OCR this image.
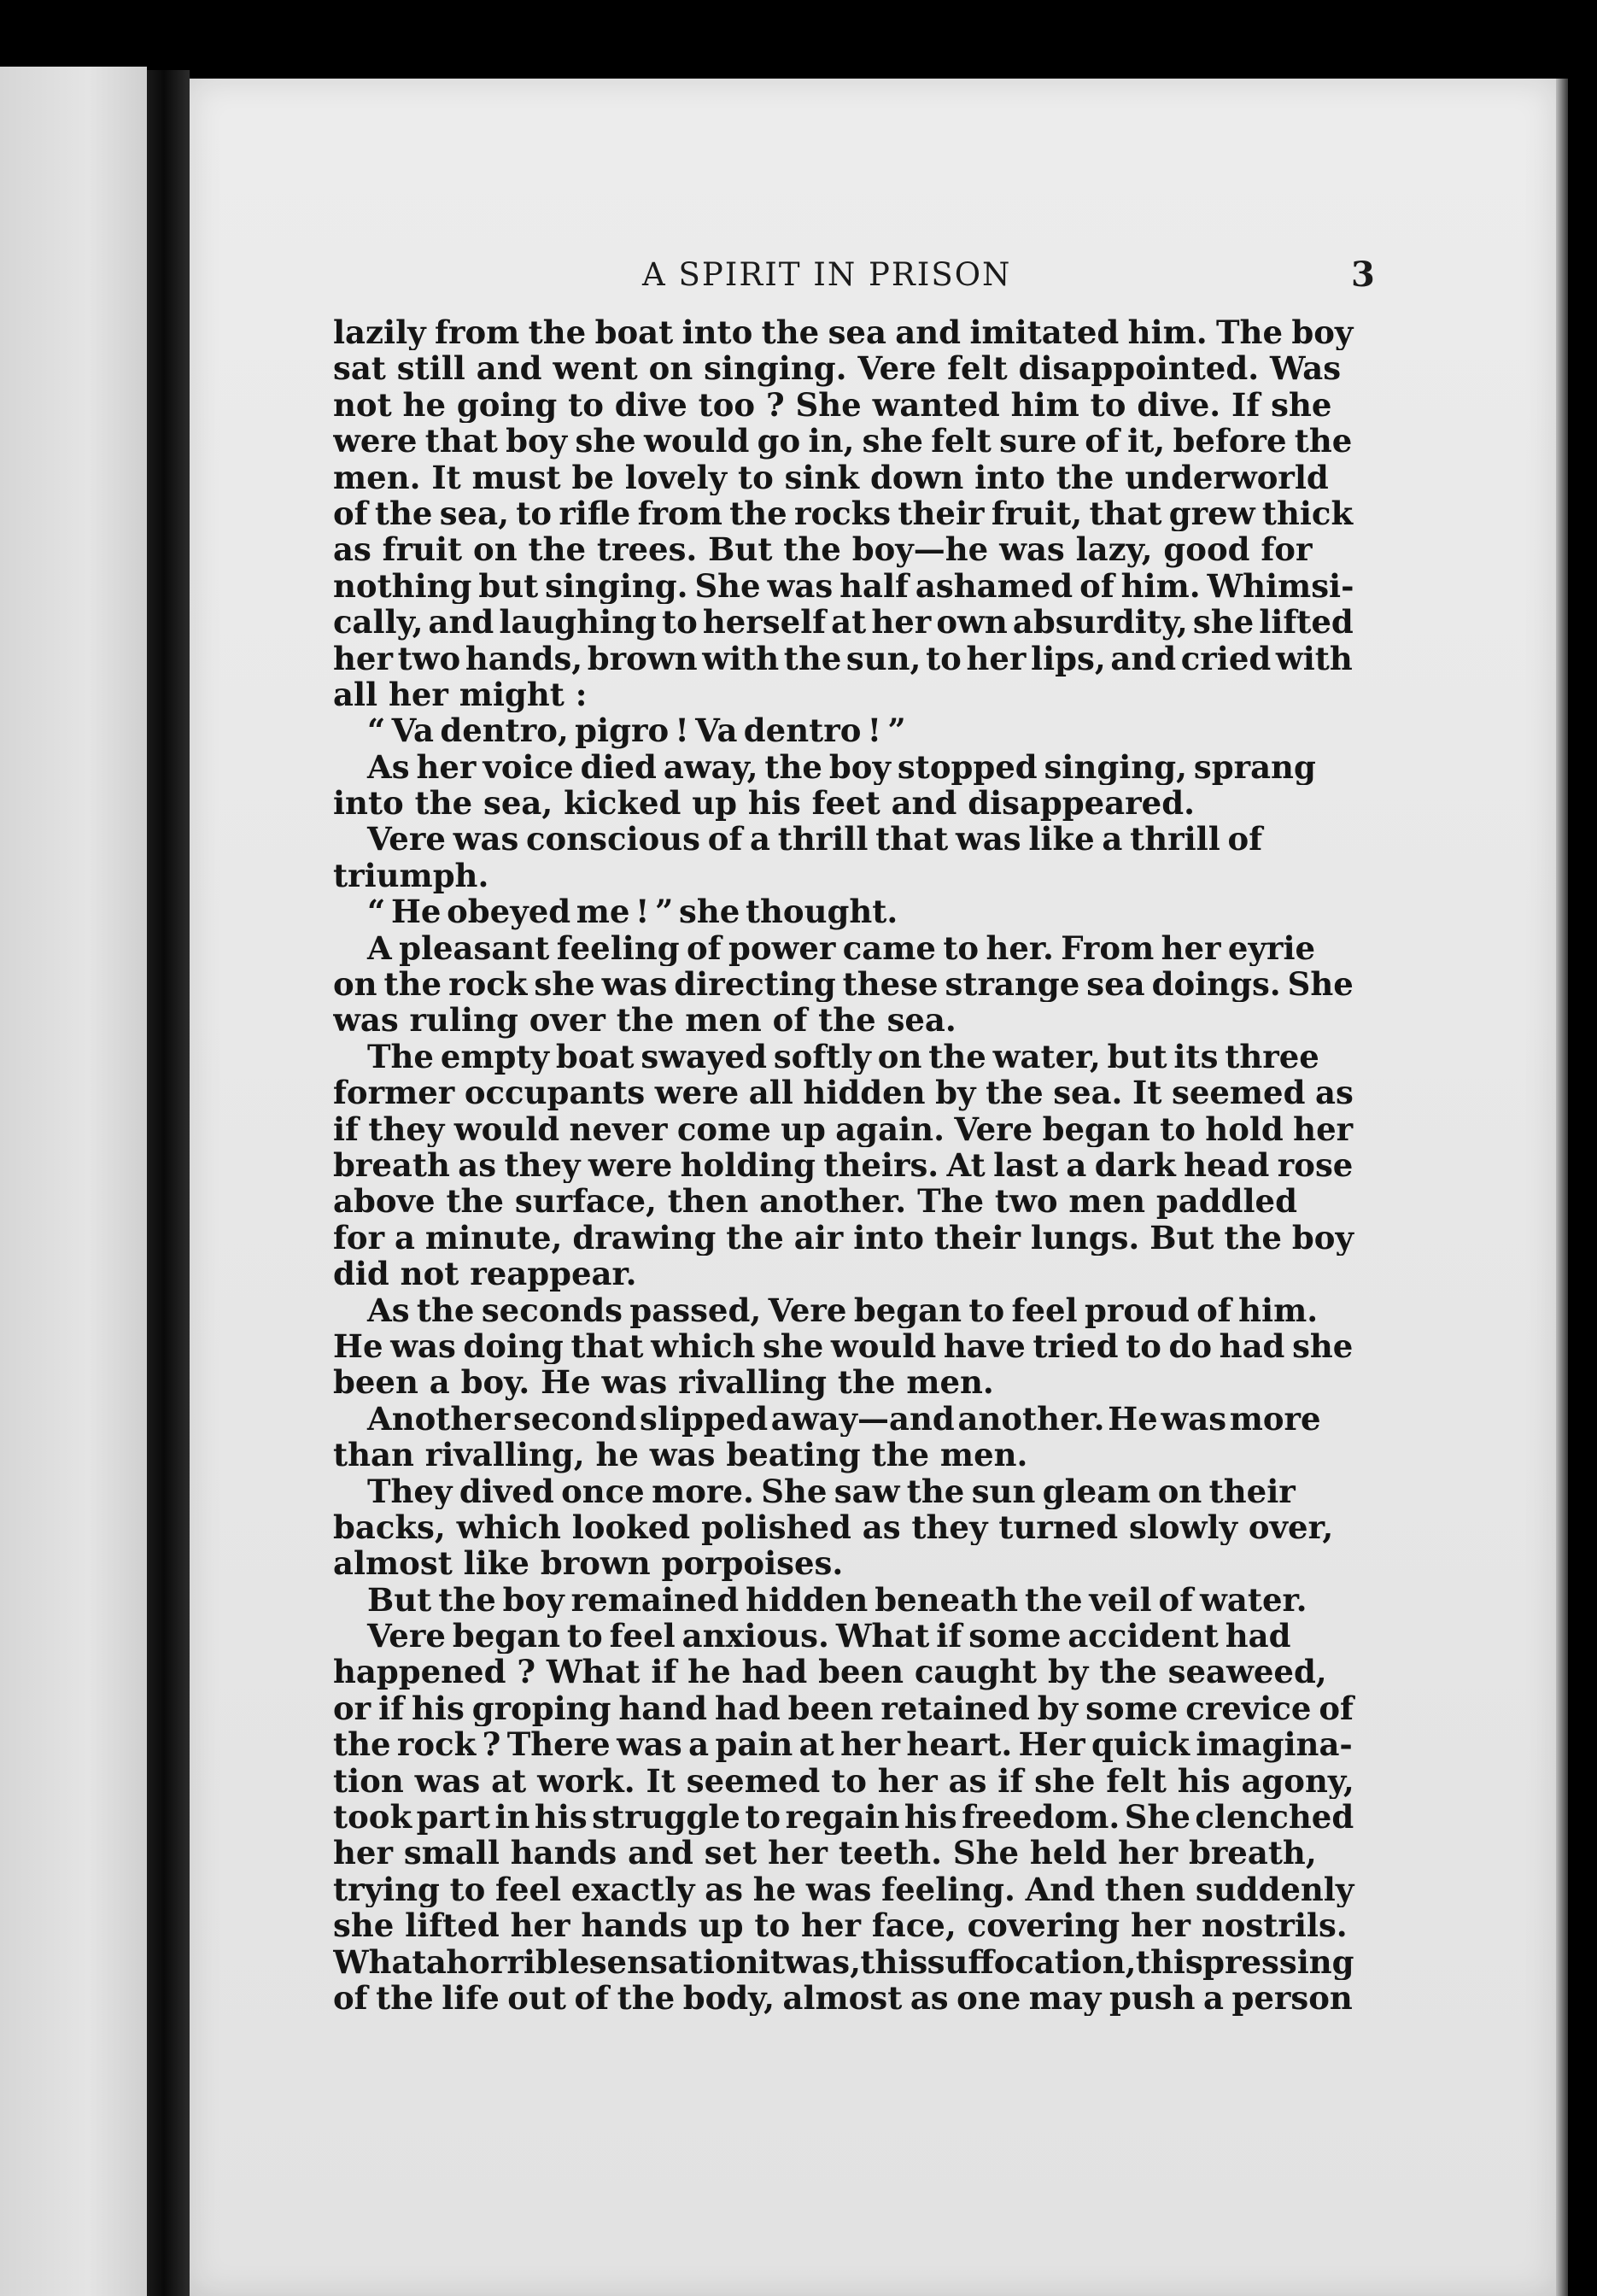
A SPIRIT IN PRISON	3
lazily from the boat into the sea and imitated him. The boy
sat still and went on singing. Vere felt disappointed. Was
not he going to dive too ? She wanted him to dive. If she
were that boy she would go in, she felt sure of it, before the
men. It must be lovely to sink down into the underworld
of the sea, to rifle from the rocks their fruit, that grew thick
as fruit on the trees. But the boy—he was lazy, good for
nothing but singing. She was half ashamed of him. Whimsi-
cally, and laughing to herself at her own absurdity, she lifted
her two hands, brown with the sun, to her lips, and cried with
all her might :
“ Va dentro, pigro ! Va dentro ! ”
As her voice died away, the boy stopped singing, sprang
into the sea, kicked up his feet and disappeared.
Vere was conscious of a thrill that was like a thrill of
triumph.
“ He obeyed me ! ” she thought.
A pleasant feeling of power came to her. From her eyrie
on the rock she was directing these strange sea doings. She
was ruling over the men of the sea.
The empty boat swayed softly on the water, but its three
former occupants were all hidden by the sea. It seemed as
if they would never come up again. Vere began to hold her
breath as they were holding theirs. At last a dark head rose
above the surface, then another. The two men paddled
for a minute, drawing the air into their lungs. But the boy
did not reappear.
As the seconds passed, Vere began to feel proud of him.
He was doing that which she would have tried to do had she
been a boy. He was rivalling the men.
Another second slipped away—and another. He was more
than rivalling, he was beating the men.
They dived once more. She saw the sun gleam on their
backs, which looked polished as they turned slowly over,
almost like brown porpoises.
But the boy remained hidden beneath the veil of water.
Vere began to feel anxious. What if some accident had
happened ? What if he had been caught by the seaweed,
or if his groping hand had been retained by some crevice of
the rock ? There was a pain at her heart. Her quick imagina-
tion was at work. It seemed to her as if she felt his agony,
took part in his struggle to regain his freedom. She clenched
her small hands and set her teeth. She held her breath,
trying to feel exactly as he was feeling. And then suddenly
she lifted her hands up to her face, covering her nostrils.
What a horrible sensation it was, this suffocation, this pressing
of the life out of the body, almost as one may push a person
